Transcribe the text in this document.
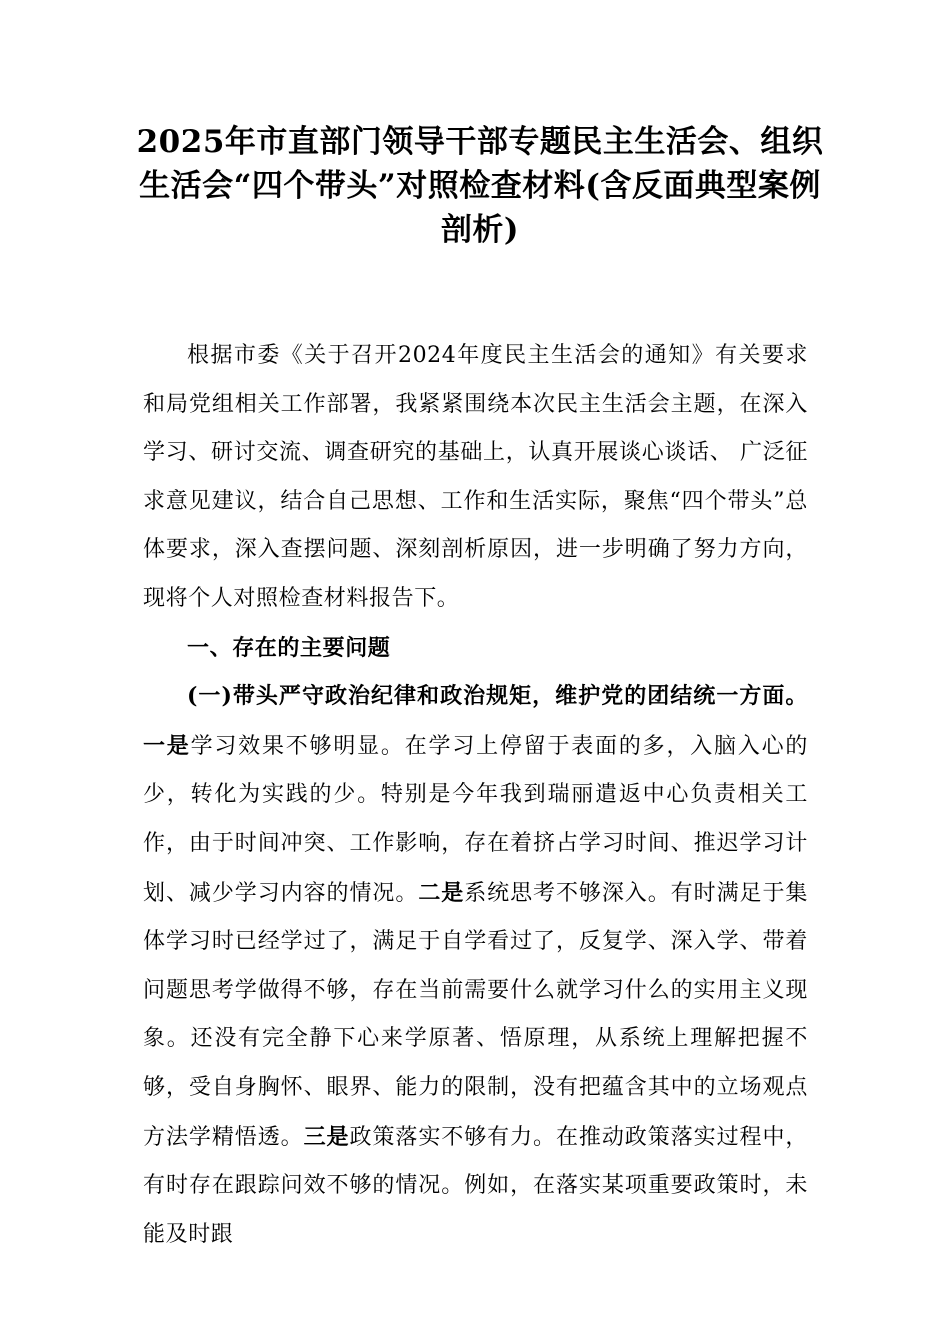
2025年市直部门领导干部专题民主生活会、组织生活会“四个带头”对照检查材料(含反面典型案例剖析)

根据市委《关于召开2024年度民主生活会的通知》有关要求和局党组相关工作部署，我紧紧围绕本次民主生活会主题，在深入学习、研讨交流、调查研究的基础上，认真开展谈心谈话、 广泛征求意见建议，结合自己思想、工作和生活实际，聚焦“四个带头”总体要求，深入查摆问题、深刻剖析原因，进一步明确了努力方向，现将个人对照检查材料报告下。

一、存在的主要问题

(一)带头严守政治纪律和政治规矩，维护党的团结统一方面。一是学习效果不够明显。在学习上停留于表面的多，入脑入心的少，转化为实践的少。特别是今年我到瑞丽遣返中心负责相关工作，由于时间冲突、工作影响，存在着挤占学习时间、推迟学习计划、减少学习内容的情况。二是系统思考不够深入。有时满足于集体学习时已经学过了，满足于自学看过了，反复学、深入学、带着问题思考学做得不够，存在当前需要什么就学习什么的实用主义现象。还没有完全静下心来学原著、悟原理，从系统上理解把握不够，受自身胸怀、眼界、能力的限制，没有把蕴含其中的立场观点方法学精悟透。三是政策落实不够有力。在推动政策落实过程中，有时存在跟踪问效不够的情况。例如，在落实某项重要政策时，未能及时跟
